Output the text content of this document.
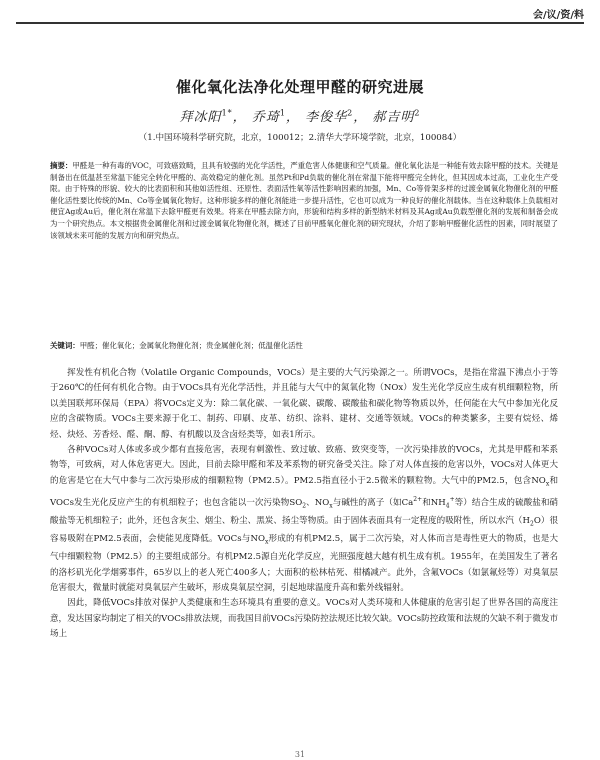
会/议/资/料
催化氧化法净化处理甲醛的研究进展
拜冰阳$^{1*}$， 乔琦$^1$， 李俊华$^2$， 郝吉明$^2$
（1.中国环境科学研究院，北京，100012；2.清华大学环境学院，北京，100084）
摘要：甲醛是一种有毒的VOC，可致癌致畸，且具有较强的光化学活性，严重危害人体健康和空气质量。催化氧化法是一种能有效去除甲醛的技术。关键是制备出在低温甚至常温下能完全转化甲醛的、高效稳定的催化剂。虽然Pt和Pd负载的催化剂在常温下能将甲醛完全转化，但其因成本过高，工业化生产受限。由于特殊的形貌、较大的比表面积和其他如活性组、还原性、表面活性氧等活性影响因素的加强，Mn、Co等骨架多样的过渡金属氧化物催化剂的甲醛催化活性要比传统的Mn、Co等金属氧化物好。这种形貌多样的催化剂能进一步提升活性，它也可以成为一种良好的催化剂载体。当在这种载体上负载相对便宜Ag或Au后，催化剂在常温下去除甲醛更有效果。将来在甲醛去除方向，形貌和结构多样的新型纳米材料及其Ag或Au负载型催化剂的发展和制备会成为一个研究热点。本文根据贵金属催化剂和过渡金属氧化物催化剂，概述了目前甲醛氧化催化剂的研究现状，介绍了影响甲醛催化活性的因素，同时展望了该领域未来可能的发展方向和研究热点。
关键词：甲醛；催化氧化；金属氧化物催化剂；贵金属催化剂；低温催化活性

挥发性有机化合物（Volatile Organic Compounds，VOCs）是主要的大气污染源之一。所谓VOCs，是指在常温下沸点小于等于260℃的任何有机化合物。由于VOCs具有光化学活性，并且能与大气中的氮氧化物（NOx）发生光化学反应生成有机细颗粒物，所以美国联邦环保局（EPA）将VOCs定义为：除二氧化碳、一氧化碳、碳酸、碳酸盐和碳化物等物质以外，任何能在大气中参加光化反应的含碳物质。VOCs主要来源于化工、制药、印刷、皮革、纺织、涂料、建材、交通等领域。VOCs的种类繁多，主要有烷烃、烯烃、炔烃、芳香烃、醛、酮、醇、有机酸以及含卤烃类等，如表1所示。

各种VOCs对人体或多或少都有直接危害，表现有刺激性、致过敏、致癌、致突变等，一次污染排放的VOCs，尤其是甲醛和苯系物等，可致病，对人体危害更大。因此，目前去除甲醛和苯及苯系物的研究备受关注。除了对人体直接的危害以外，VOCs对人体更大的危害是它在大气中参与二次污染形成的细颗粒物（PM2.5）。PM2.5指直径小于2.5微米的颗粒物。大气中的PM2.5，包含$NO_x$和VOCs发生光化反应产生的有机细粒子；也包含能以一次污染物$SO_2$、$NO_x$与碱性的离子（如$Ca^{2+}$和$NH_4^+$等）结合生成的硫酸盐和硝酸盐等无机细粒子；此外，还包含灰尘、烟尘、粉尘、黑炭、扬尘等物质。由于固体表面具有一定程度的吸附性，所以水汽$(H_2O)$很容易吸附在PM2.5表面，会使能见度降低。VOCs与$NO_x$形成的有机PM2.5，属于二次污染，对人体而言是毒性更大的物质，也是大气中细颗粒物（PM2.5）的主要组成部分。有机PM2.5源自光化学反应，光照强度越大越有机生成有机。1955年，在美国发生了著名的洛杉矶光化学烟雾事件，65岁以上的老人死亡400多人；大面积的松林枯死、柑橘减产。此外，含氟VOCs（如氯氟烃等）对臭氧层危害很大，微量时就能对臭氧层产生破坏，形成臭氧层空洞，引起地球温度升高和紫外线辐射。

因此，降低VOCs排放对保护人类健康和生态环境具有重要的意义。VOCs对人类环境和人体健康的危害引起了世界各国的高度注意，发达国家均制定了相关的VOCs排放法规，而我国目前VOCs污染防控法规还比较欠缺。VOCs防控政策和法规的欠缺不利于微发市场上

31
